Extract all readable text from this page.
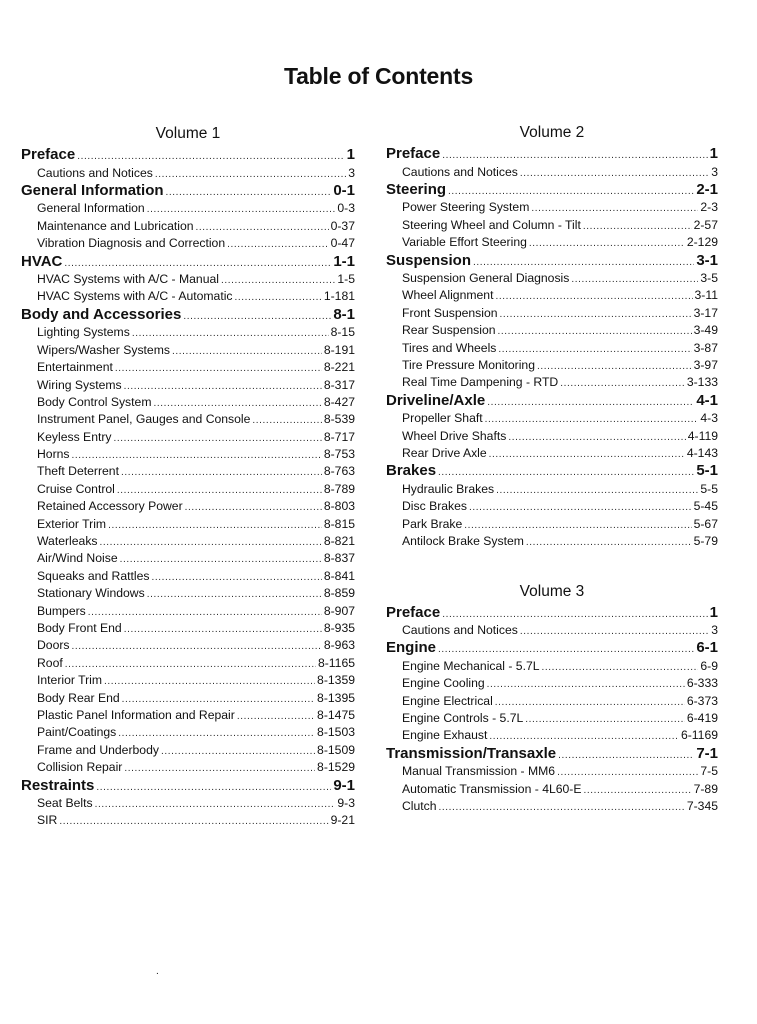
Table of Contents
Volume 1
Preface .....	1
Cautions and Notices .....	3
General Information .....	0-1
General Information .....	0-3
Maintenance and Lubrication .....	0-37
Vibration Diagnosis and Correction .....	0-47
HVAC .....	1-1
HVAC Systems with A/C - Manual .....	1-5
HVAC Systems with A/C - Automatic .....	1-181
Body and Accessories .....	8-1
Lighting Systems .....	8-15
Wipers/Washer Systems .....	8-191
Entertainment .....	8-221
Wiring Systems .....	8-317
Body Control System .....	8-427
Instrument Panel, Gauges and Console .....	8-539
Keyless Entry .....	8-717
Horns .....	8-753
Theft Deterrent .....	8-763
Cruise Control .....	8-789
Retained Accessory Power .....	8-803
Exterior Trim .....	8-815
Waterleaks .....	8-821
Air/Wind Noise .....	8-837
Squeaks and Rattles .....	8-841
Stationary Windows .....	8-859
Bumpers .....	8-907
Body Front End .....	8-935
Doors .....	8-963
Roof .....	8-1165
Interior Trim .....	8-1359
Body Rear End .....	8-1395
Plastic Panel Information and Repair .....	8-1475
Paint/Coatings .....	8-1503
Frame and Underbody .....	8-1509
Collision Repair .....	8-1529
Restraints .....	9-1
Seat Belts .....	9-3
SIR .....	9-21
Volume 2
Preface .....	1
Cautions and Notices .....	3
Steering .....	2-1
Power Steering System .....	2-3
Steering Wheel and Column - Tilt .....	2-57
Variable Effort Steering .....	2-129
Suspension .....	3-1
Suspension General Diagnosis .....	3-5
Wheel Alignment .....	3-11
Front Suspension .....	3-17
Rear Suspension .....	3-49
Tires and Wheels .....	3-87
Tire Pressure Monitoring .....	3-97
Real Time Dampening - RTD .....	3-133
Driveline/Axle .....	4-1
Propeller Shaft .....	4-3
Wheel Drive Shafts .....	4-119
Rear Drive Axle .....	4-143
Brakes .....	5-1
Hydraulic Brakes .....	5-5
Disc Brakes .....	5-45
Park Brake .....	5-67
Antilock Brake System .....	5-79
Volume 3
Preface .....	1
Cautions and Notices .....	3
Engine .....	6-1
Engine Mechanical - 5.7L .....	6-9
Engine Cooling .....	6-333
Engine Electrical .....	6-373
Engine Controls - 5.7L .....	6-419
Engine Exhaust .....	6-1169
Transmission/Transaxle .....	7-1
Manual Transmission - MM6 .....	7-5
Automatic Transmission - 4L60-E .....	7-89
Clutch .....	7-345
.
